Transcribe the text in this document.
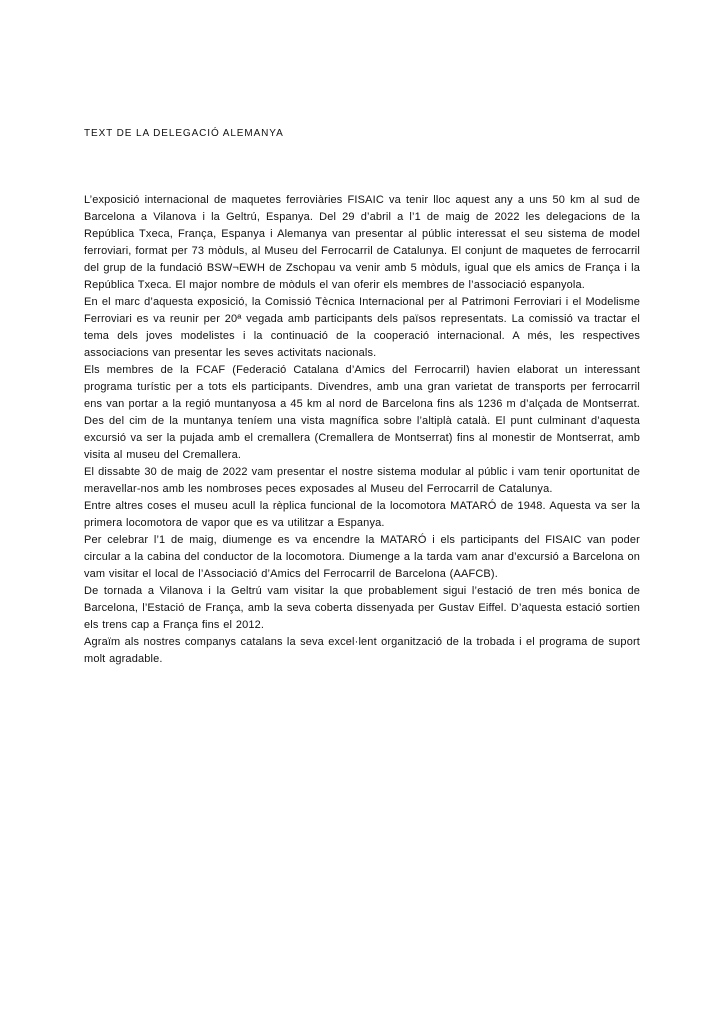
TEXT DE LA DELEGACIÓ ALEMANYA

L’exposició internacional de maquetes ferroviàries FISAIC va tenir lloc aquest any a uns 50 km al sud de Barcelona a Vilanova i la Geltrú, Espanya. Del 29 d’abril a l’1 de maig de 2022 les delegacions de la República Txeca, França, Espanya i Alemanya van presentar al públic interessat el seu sistema de model ferroviari, format per 73 mòduls, al Museu del Ferrocarril de Catalunya. El conjunt de maquetes de ferrocarril del grup de la fundació BSW¬EWH de Zschopau va venir amb 5 mòduls, igual que els amics de França i la República Txeca. El major nombre de mòduls el van oferir els membres de l’associació espanyola.

En el marc d’aquesta exposició, la Comissió Tècnica Internacional per al Patrimoni Ferroviari i el Modelisme Ferroviari es va reunir per 20ª vegada amb participants dels països representats. La comissió va tractar el tema dels joves modelistes i la continuació de la cooperació internacional. A més, les respectives associacions van presentar les seves activitats nacionals.

Els membres de la FCAF (Federació Catalana d’Amics del Ferrocarril) havien elaborat un interessant programa turístic per a tots els participants. Divendres, amb una gran varietat de transports per ferrocarril ens van portar a la regió muntanyosa a 45 km al nord de Barcelona fins als 1236 m d’alçada de Montserrat. Des del cim de la muntanya teníem una vista magnífica sobre l’altiplà català. El punt culminant d’aquesta excursió va ser la pujada amb el cremallera (Cremallera de Montserrat) fins al monestir de Montserrat, amb visita al museu del Cremallera.

El dissabte 30 de maig de 2022 vam presentar el nostre sistema modular al públic i vam tenir oportunitat de meravellar-nos amb les nombroses peces exposades al Museu del Ferrocarril de Catalunya.

Entre altres coses el museu acull la rèplica funcional de la locomotora MATARÓ de 1948. Aquesta va ser la primera locomotora de vapor que es va utilitzar a Espanya.

Per celebrar l’1 de maig, diumenge es va encendre la MATARÓ i els participants del FISAIC van poder circular a la cabina del conductor de la locomotora. Diumenge a la tarda vam anar d’excursió a Barcelona on vam visitar el local de l’Associació d’Amics del Ferrocarril de Barcelona (AAFCB).

De tornada a Vilanova i la Geltrú vam visitar la que probablement sigui l’estació de tren més bonica de Barcelona, l’Estació de França, amb la seva coberta dissenyada per Gustav Eiffel. D’aquesta estació sortien els trens cap a França fins el 2012.

Agraïm als nostres companys catalans la seva excel·lent organització de la trobada i el programa de suport molt agradable.
